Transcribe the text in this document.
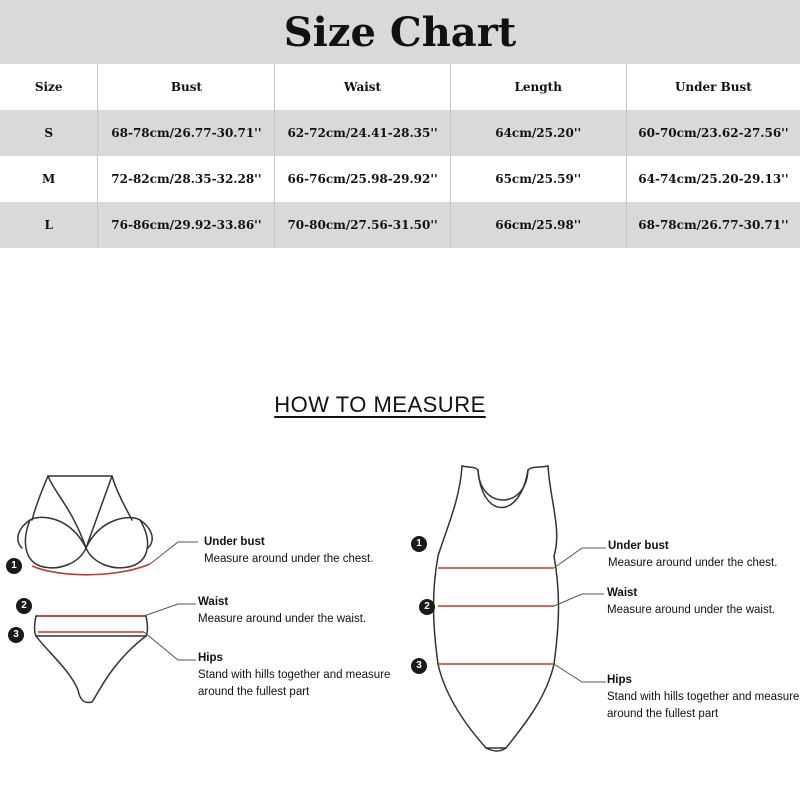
Size Chart
Size	Bust	Waist	Length	Under Bust
S	68-78cm/26.77-30.71''	62-72cm/24.41-28.35''	64cm/25.20''	60-70cm/23.62-27.56''
M	72-82cm/28.35-32.28''	66-76cm/25.98-29.92''	65cm/25.59''	64-74cm/25.20-29.13''
L	76-86cm/29.92-33.86''	70-80cm/27.56-31.50''	66cm/25.98''	68-78cm/26.77-30.71''
HOW TO MEASURE
1
2
3
1
2
3
Under bust
Measure around under the chest.
Waist
Measure around under the waist.
Hips
Stand with hills together and measure
around the fullest part
Under bust
Measure around under the chest.
Waist
Measure around under the waist.
Hips
Stand with hills together and measure
around the fullest part
